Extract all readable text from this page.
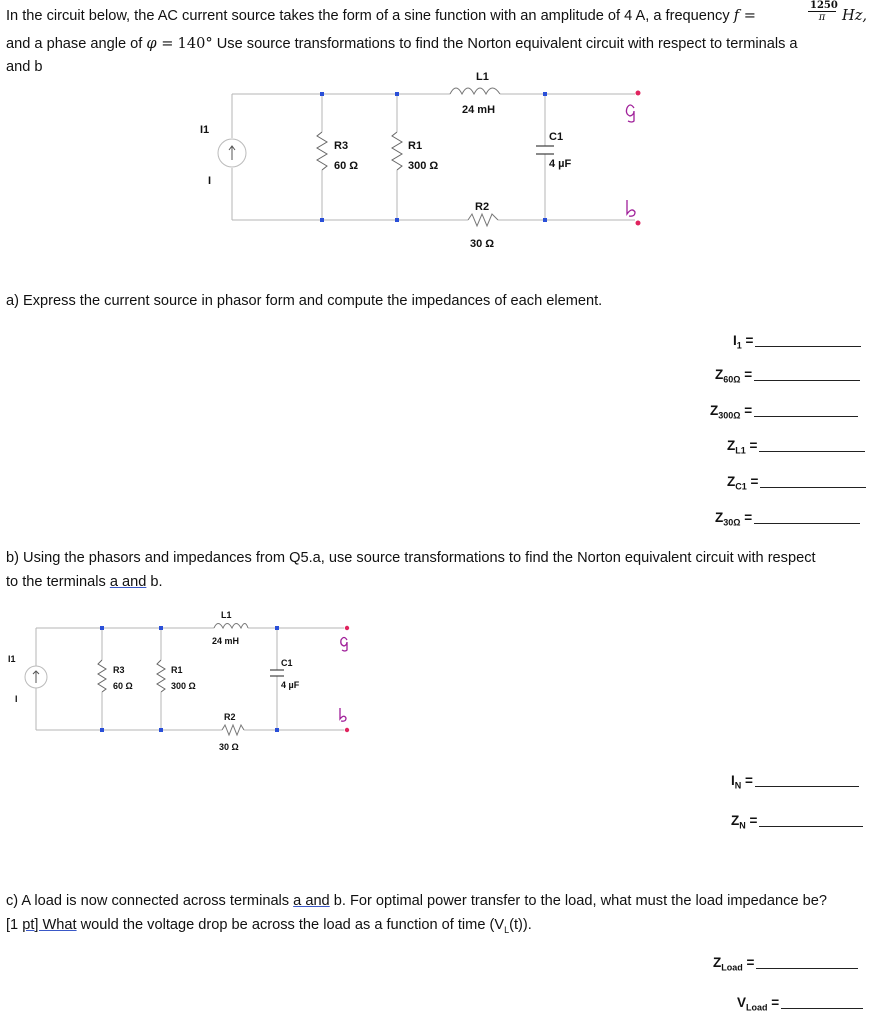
In the circuit below, the AC current source takes the form of a sine function with an amplitude of 4 A, a frequency f =	$\frac{1250}{\pi} Hz$,
and a phase angle of φ = 140° Use source transformations to find the Norton equivalent circuit with respect to terminals a
and b
I1
I
R3
60 Ω
R1
300 Ω
L1
24 mH
C1
4 µF
R2
30 Ω
a) Express the current source in phasor form and compute the impedances of each element.
$I_1$ =
$Z_{60\Omega}$ =
$Z_{300\Omega}$ =
$Z_{L1}$ =
$Z_{C1}$ =
$Z_{30\Omega}$ =
b) Using the phasors and impedances from Q5.a, use source transformations to find the Norton equivalent circuit with respect
to the terminals a and b.
I1
I
R3
60 Ω
R1
300 Ω
L1
24 mH
C1
4 µF
R2
30 Ω
$I_N$ =
$Z_N$ =
c) A load is now connected across terminals a and b. For optimal power transfer to the load, what must the load impedance be?
[1 pt] What would the voltage drop be across the load as a function of time $(V_L(t))$.
$Z_{Load}$ =
$V_{Load}$ =
